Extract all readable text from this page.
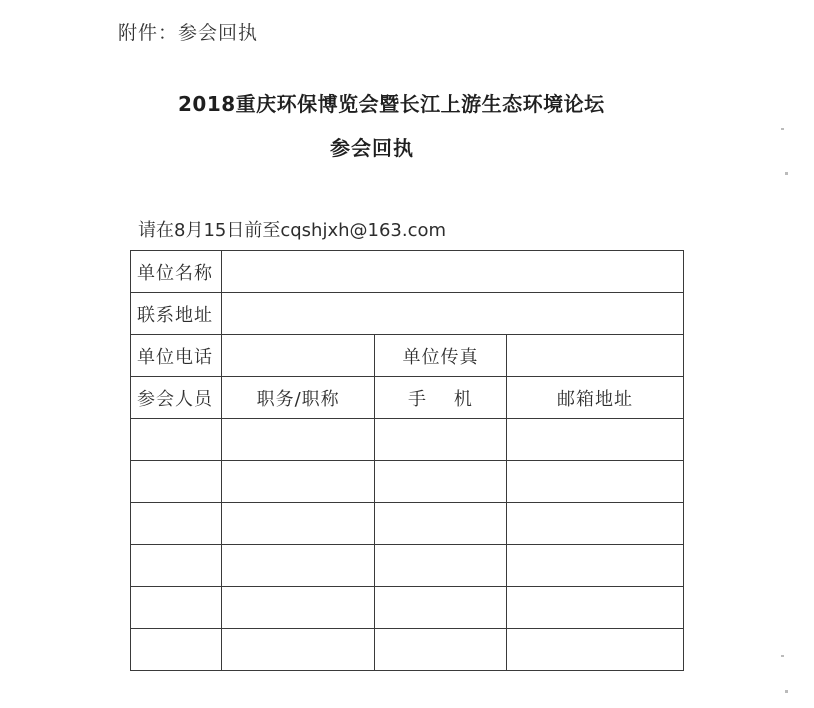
附件：参会回执
2018重庆环保博览会暨长江上游生态环境论坛
参会回执
请在8月15日前至cqshjxh@163.com
单位名称			
联系地址			
单位电话		单位传真	
参会人员	职务/职称	手    机	邮箱地址
